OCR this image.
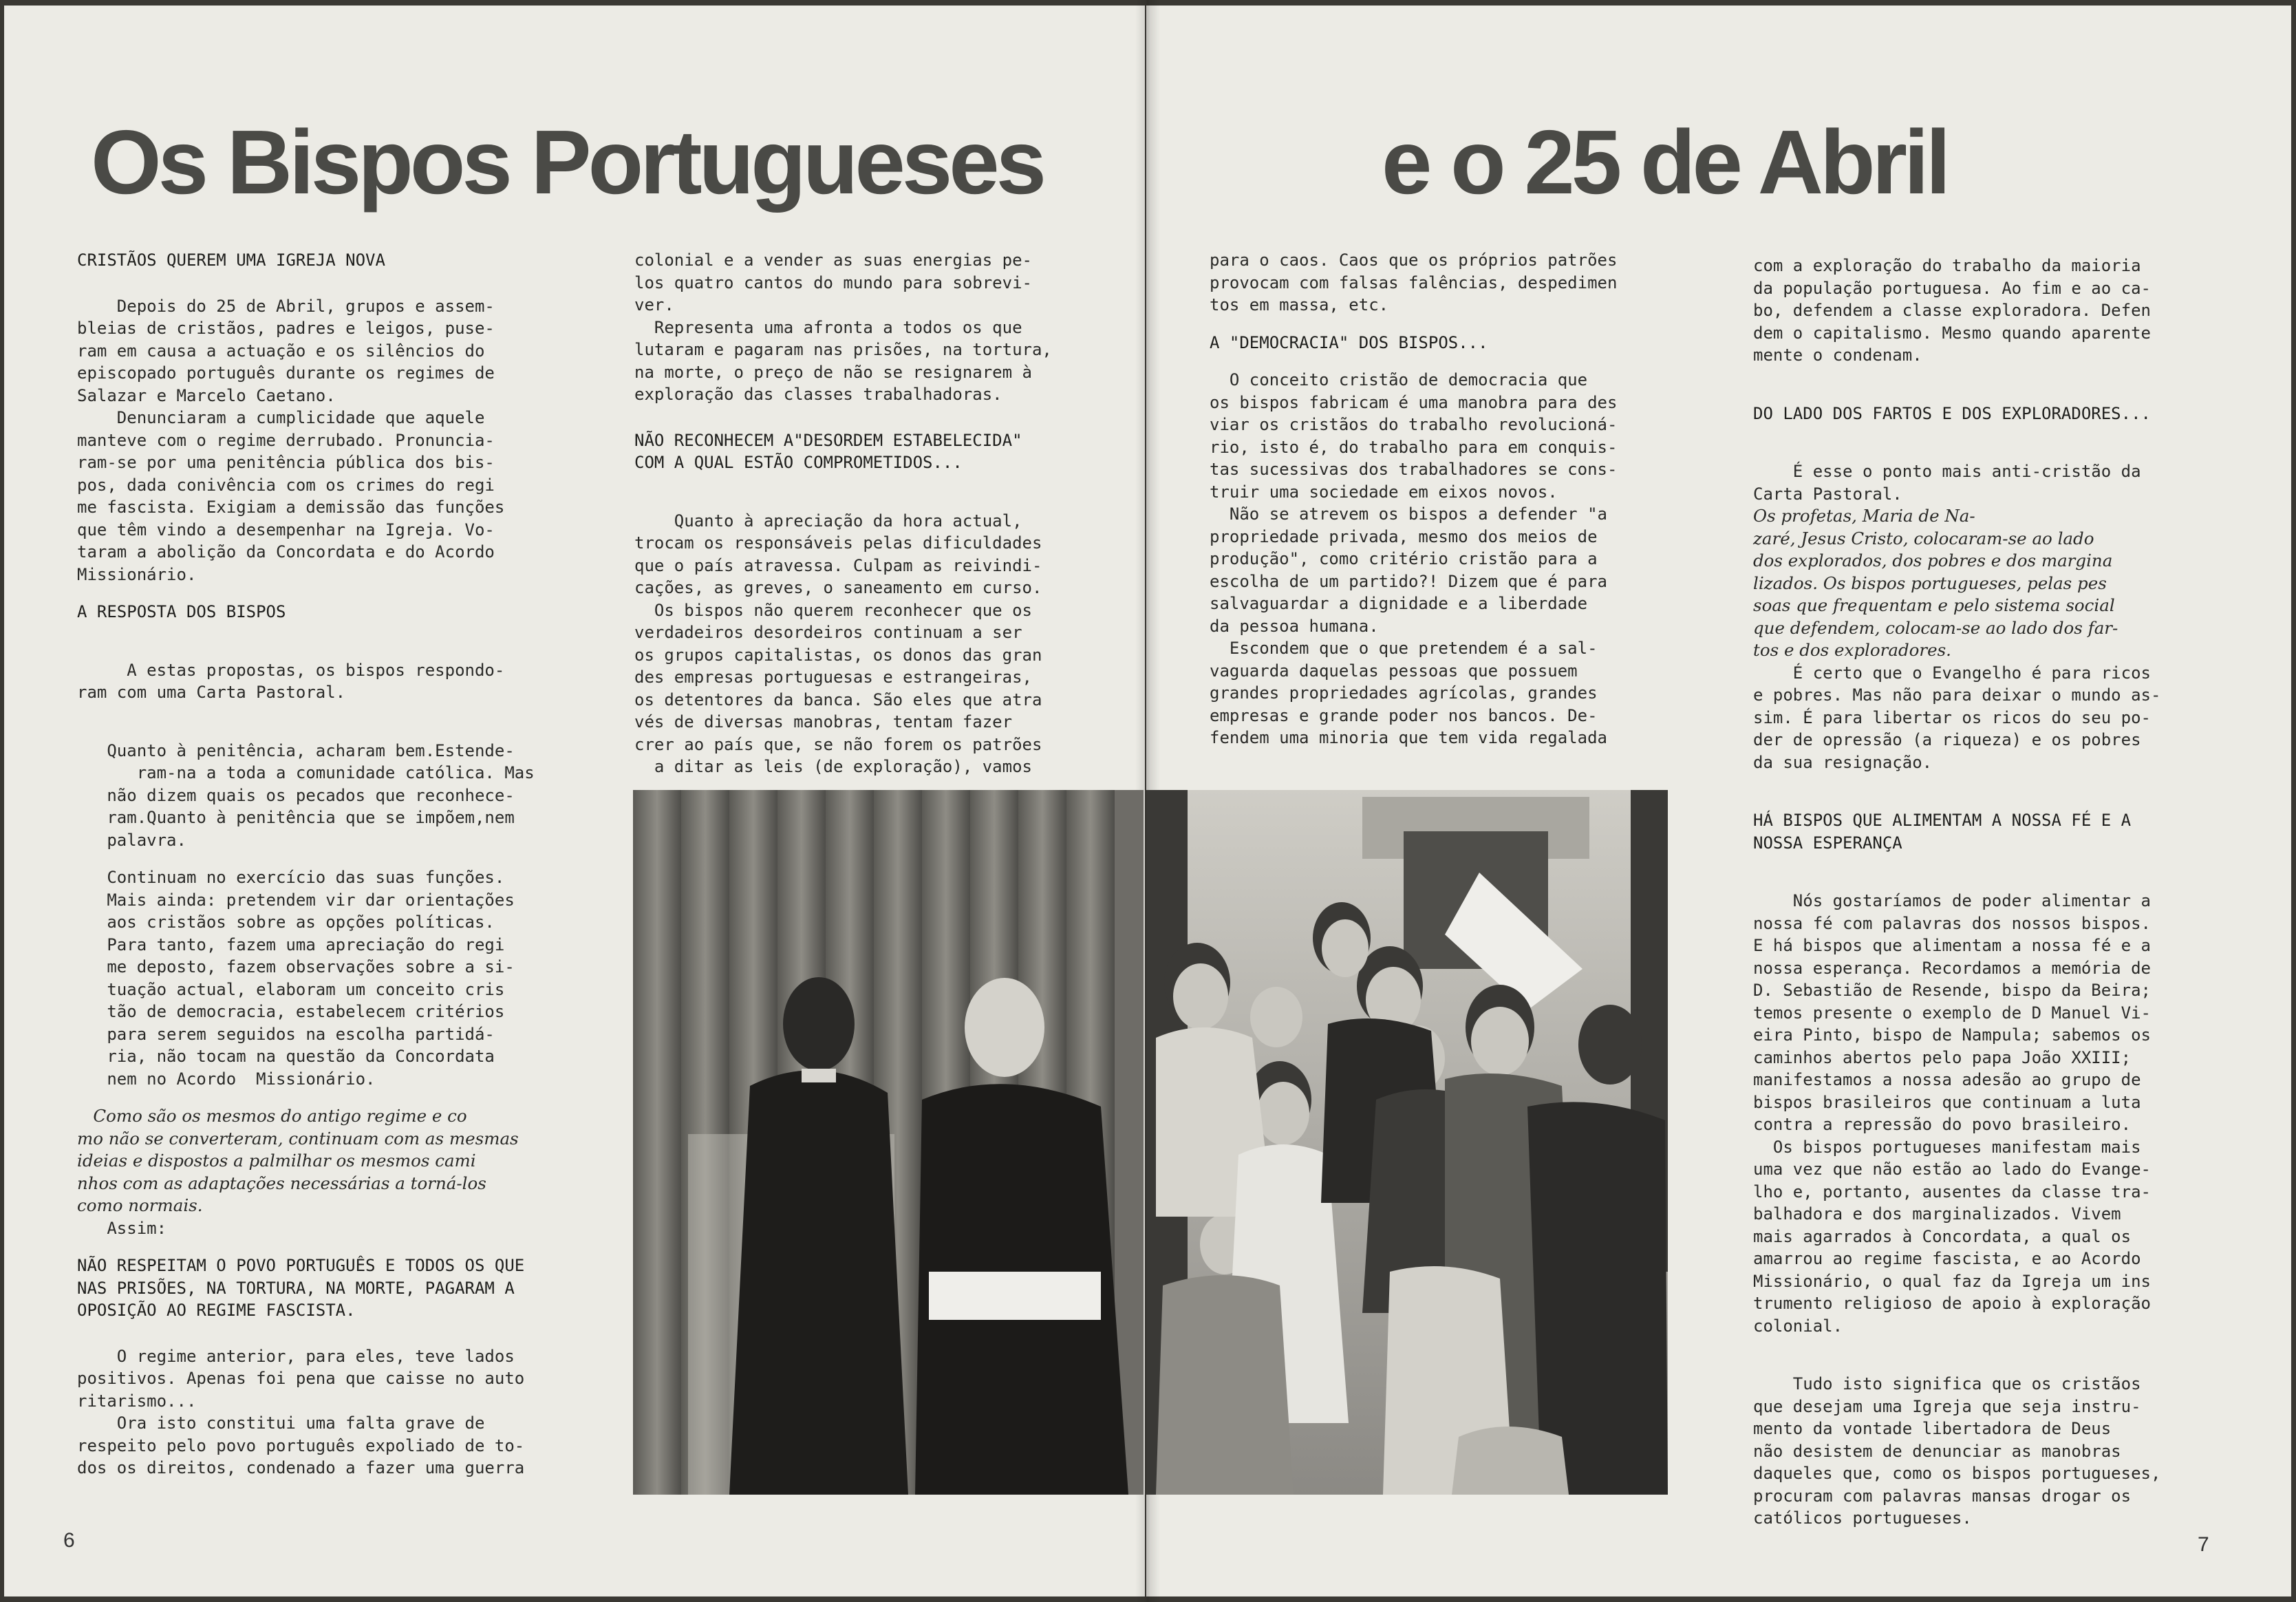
Os Bispos Portugueses	e o 25 de Abril

CRISTÃOS QUEREM UMA IGREJA NOVA

Depois do 25 de Abril, grupos e assem-

bleias de cristãos, padres e leigos, puse-

ram em causa a actuação e os silêncios do

episcopado português durante os regimes de

Salazar e Marcelo Caetano.

Denunciaram a cumplicidade que aquele

manteve com o regime derrubado. Pronuncia-

ram-se por uma penitência pública dos bis-

pos, dada conivência com os crimes do regi

me fascista. Exigiam a demissão das funções

que têm vindo a desempenhar na Igreja. Vo-

taram a abolição da Concordata e do Acordo

Missionário.

A RESPOSTA DOS BISPOS

A estas propostas, os bispos respondo-

ram com uma Carta Pastoral.

Quanto à penitência, acharam bem.Estende-

ram-na a toda a comunidade católica. Mas

não dizem quais os pecados que reconhece-

ram.Quanto à penitência que se impõem,nem

palavra.

Continuam no exercício das suas funções.

Mais ainda: pretendem vir dar orientações

aos cristãos sobre as opções políticas.

Para tanto, fazem uma apreciação do regi

me deposto, fazem observações sobre a si-

tuação actual, elaboram um conceito cris

tão de democracia, estabelecem critérios

para serem seguidos na escolha partidá-

ria, não tocam na questão da Concordata

nem no Acordo  Missionário.

Como são os mesmos do antigo regime e co

mo não se converteram, continuam com as mesmas

ideias e dispostos a palmilhar os mesmos cami

nhos com as adaptações necessárias a torná-los

como normais.

Assim:

NÃO RESPEITAM O POVO PORTUGUÊS E TODOS OS QUE

NAS PRISÕES, NA TORTURA, NA MORTE, PAGARAM A

OPOSIÇÃO AO REGIME FASCISTA.

O regime anterior, para eles, teve lados

positivos. Apenas foi pena que caisse no auto

ritarismo...

Ora isto constitui uma falta grave de

respeito pelo povo português expoliado de to-

dos os direitos, condenado a fazer uma guerra

colonial e a vender as suas energias pe-

los quatro cantos do mundo para sobrevi-

ver.

Representa uma afronta a todos os que

lutaram e pagaram nas prisões, na tortura,

na morte, o preço de não se resignarem à

exploração das classes trabalhadoras.

NÃO RECONHECEM A"DESORDEM ESTABELECIDA"

COM A QUAL ESTÃO COMPROMETIDOS...

Quanto à apreciação da hora actual,

trocam os responsáveis pelas dificuldades

que o país atravessa. Culpam as reivindi-

cações, as greves, o saneamento em curso.

Os bispos não querem reconhecer que os

verdadeiros desordeiros continuam a ser

os grupos capitalistas, os donos das gran

des empresas portuguesas e estrangeiras,

os detentores da banca. São eles que atra

vés de diversas manobras, tentam fazer

crer ao país que, se não forem os patrões

a ditar as leis (de exploração), vamos

para o caos. Caos que os próprios patrões

provocam com falsas falências, despedimen

tos em massa, etc.

A "DEMOCRACIA" DOS BISPOS...

O conceito cristão de democracia que

os bispos fabricam é uma manobra para des

viar os cristãos do trabalho revolucioná-

rio, isto é, do trabalho para em conquis-

tas sucessivas dos trabalhadores se cons-

truir uma sociedade em eixos novos.

Não se atrevem os bispos a defender "a

propriedade privada, mesmo dos meios de

produção", como critério cristão para a

escolha de um partido?! Dizem que é para

salvaguardar a dignidade e a liberdade

da pessoa humana.

Escondem que o que pretendem é a sal-

vaguarda daquelas pessoas que possuem

grandes propriedades agrícolas, grandes

empresas e grande poder nos bancos. De-

fendem uma minoria que tem vida regalada

com a exploração do trabalho da maioria

da população portuguesa. Ao fim e ao ca-

bo, defendem a classe exploradora. Defen

dem o capitalismo. Mesmo quando aparente

mente o condenam.

DO LADO DOS FARTOS E DOS EXPLORADORES...

É esse o ponto mais anti-cristão da

Carta Pastoral.

Os profetas, Maria de Na-

zaré, Jesus Cristo, colocaram-se ao lado

dos explorados, dos pobres e dos margina

lizados. Os bispos portugueses, pelas pes

soas que frequentam e pelo sistema social

que defendem, colocam-se ao lado dos far-

tos e dos exploradores.

É certo que o Evangelho é para ricos

e pobres. Mas não para deixar o mundo as-

sim. É para libertar os ricos do seu po-

der de opressão (a riqueza) e os pobres

da sua resignação.

HÁ BISPOS QUE ALIMENTAM A NOSSA FÉ E A

NOSSA ESPERANÇA

Nós gostaríamos de poder alimentar a

nossa fé com palavras dos nossos bispos.

E há bispos que alimentam a nossa fé e a

nossa esperança. Recordamos a memória de

D. Sebastião de Resende, bispo da Beira;

temos presente o exemplo de D Manuel Vi-

eira Pinto, bispo de Nampula; sabemos os

caminhos abertos pelo papa João XXIII;

manifestamos a nossa adesão ao grupo de

bispos brasileiros que continuam a luta

contra a repressão do povo brasileiro.

Os bispos portugueses manifestam mais

uma vez que não estão ao lado do Evange-

lho e, portanto, ausentes da classe tra-

balhadora e dos marginalizados. Vivem

mais agarrados à Concordata, a qual os

amarrou ao regime fascista, e ao Acordo

Missionário, o qual faz da Igreja um ins

trumento religioso de apoio à exploração

colonial.

Tudo isto significa que os cristãos

que desejam uma Igreja que seja instru-

mento da vontade libertadora de Deus

não desistem de denunciar as manobras

daqueles que, como os bispos portugueses,

procuram com palavras mansas drogar os

católicos portugueses.

6	7
